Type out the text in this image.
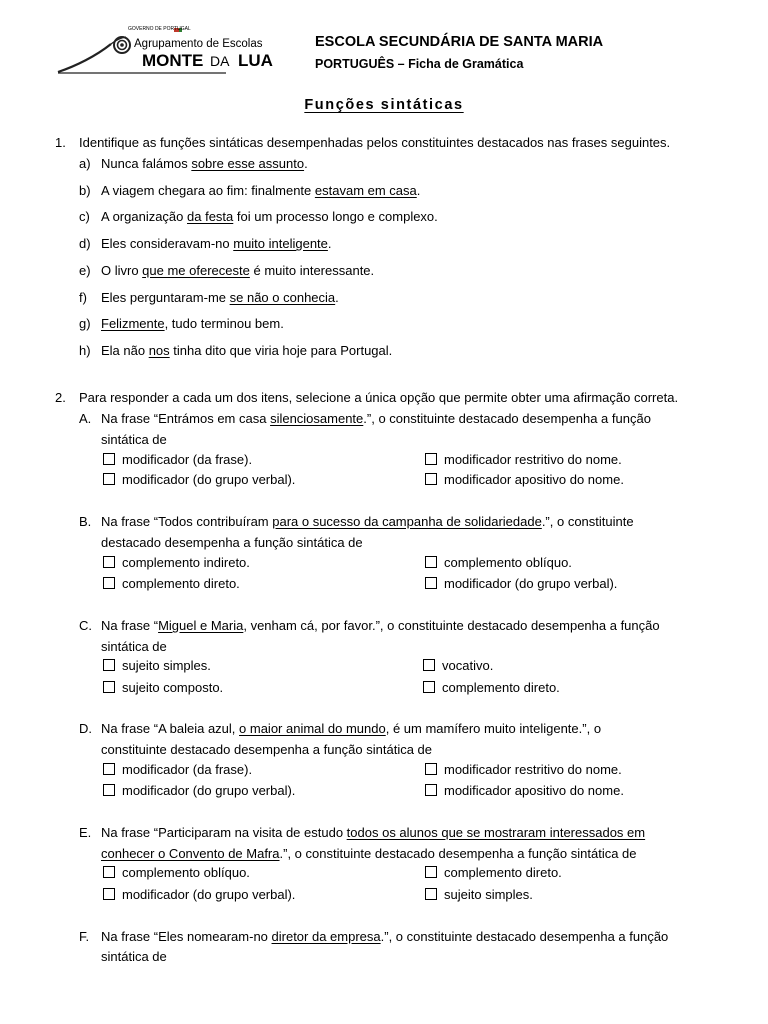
GOVERNO DE PORTUGAL
Agrupamento de Escolas
MONTE DA LUA
ESCOLA SECUNDÁRIA DE SANTA MARIA
PORTUGUÊS – Ficha de Gramática
Funções sintáticas
1. Identifique as funções sintáticas desempenhadas pelos constituintes destacados nas frases seguintes.
a) Nunca falámos sobre esse assunto.
b) A viagem chegara ao fim: finalmente estavam em casa.
c) A organização da festa foi um processo longo e complexo.
d) Eles consideravam-no muito inteligente.
e) O livro que me ofereceste é muito interessante.
f) Eles perguntaram-me se não o conhecia.
g) Felizmente, tudo terminou bem.
h) Ela não nos tinha dito que viria hoje para Portugal.
2. Para responder a cada um dos itens, selecione a única opção que permite obter uma afirmação correta.
A. Na frase “Entrámos em casa silenciosamente.”, o constituinte destacado desempenha a função
sintática de
modificador (da frase).	modificador restritivo do nome.
modificador (do grupo verbal).	modificador apositivo do nome.
B. Na frase “Todos contribuíram para o sucesso da campanha de solidariedade.”, o constituinte
destacado desempenha a função sintática de
complemento indireto.	complemento oblíquo.
complemento direto.	modificador (do grupo verbal).
C. Na frase “Miguel e Maria, venham cá, por favor.”, o constituinte destacado desempenha a função
sintática de
sujeito simples.	vocativo.
sujeito composto.	complemento direto.
D. Na frase “A baleia azul, o maior animal do mundo, é um mamífero muito inteligente.”, o
constituinte destacado desempenha a função sintática de
modificador (da frase).	modificador restritivo do nome.
modificador (do grupo verbal).	modificador apositivo do nome.
E. Na frase “Participaram na visita de estudo todos os alunos que se mostraram interessados em
conhecer o Convento de Mafra.”, o constituinte destacado desempenha a função sintática de
complemento oblíquo.	complemento direto.
modificador (do grupo verbal).	sujeito simples.
F. Na frase “Eles nomearam-no diretor da empresa.”, o constituinte destacado desempenha a função
sintática de
